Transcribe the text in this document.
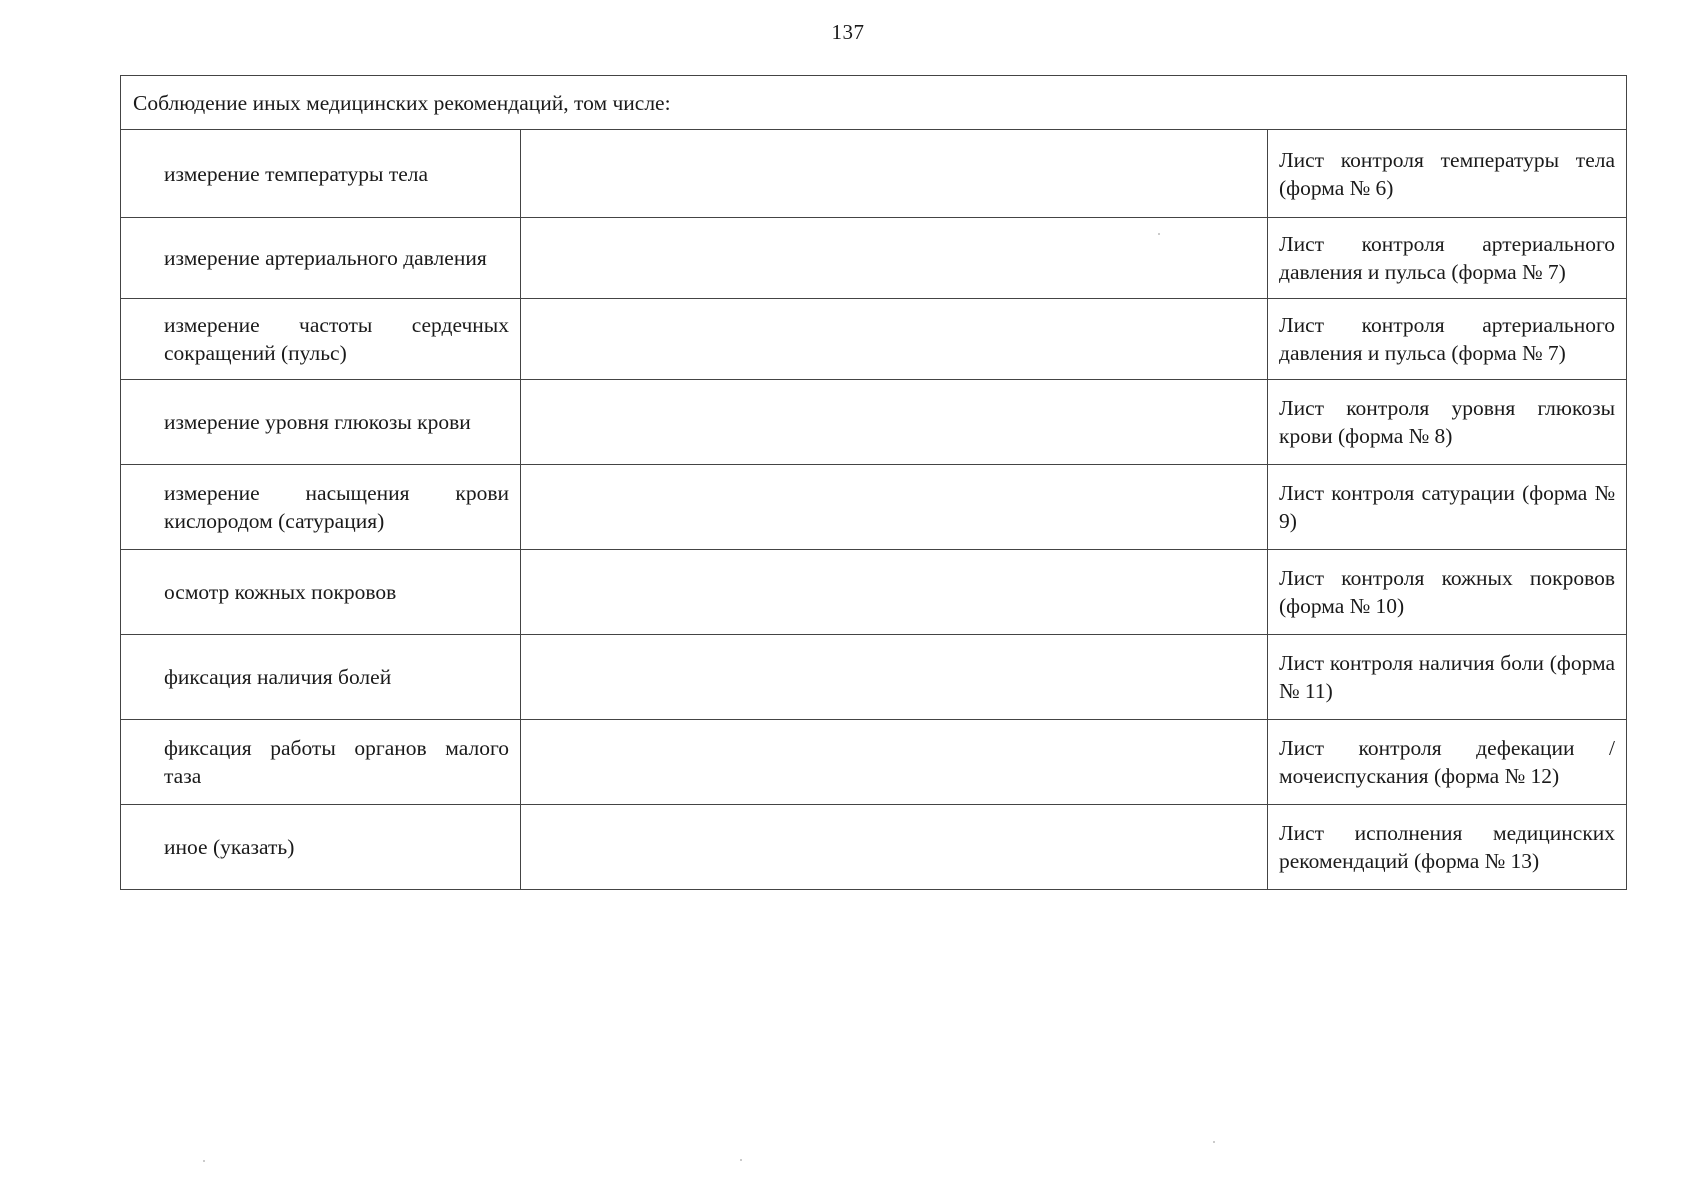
137
Соблюдение иных медицинских рекомендаций, том числе:		
измерение температуры тела		Лист контроля температуры тела (форма № 6)
измерение артериального давления		Лист контроля артериального давления и пульса (форма № 7)
измерение частоты сердечных сокращений (пульс)		Лист контроля артериального давления и пульса (форма № 7)
измерение уровня глюкозы крови		Лист контроля уровня глюкозы крови (форма № 8)
измерение насыщения крови кислородом (сатурация)		Лист контроля сатурации (форма № 9)
осмотр кожных покровов		Лист контроля кожных покровов (форма № 10)
фиксация наличия болей		Лист контроля наличия боли (форма № 11)
фиксация работы органов малого таза		Лист контроля дефекации /мочеиспускания (форма № 12)
иное (указать)		Лист исполнения медицинских рекомендаций (форма № 13)
